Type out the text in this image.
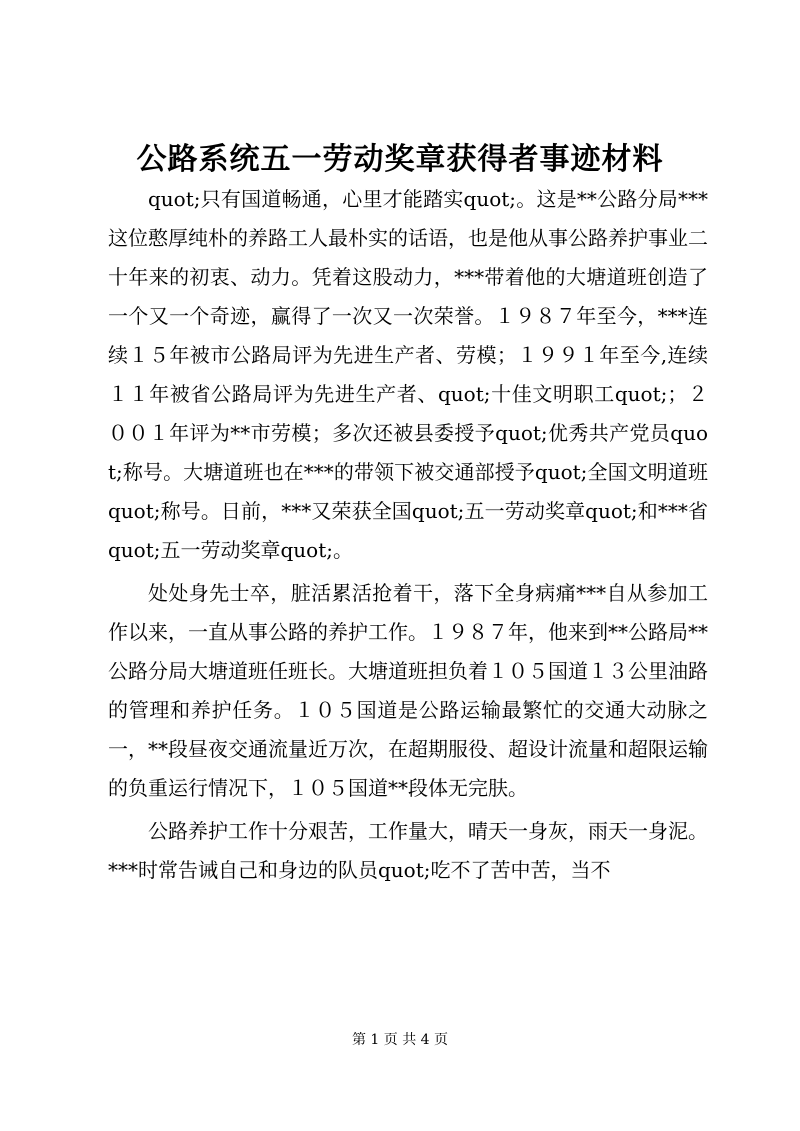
公路系统五一劳动奖章获得者事迹材料

quot;只有国道畅通，心里才能踏实quot;。这是**公路分局***这位憨厚纯朴的养路工人最朴实的话语，也是他从事公路养护事业二十年来的初衷、动力。凭着这股动力，***带着他的大塘道班创造了一个又一个奇迹，赢得了一次又一次荣誉。１９８７年至今，***连续１５年被市公路局评为先进生产者、劳模；１９９１年至今,连续１１年被省公路局评为先进生产者、quot;十佳文明职工quot;；２００１年评为**市劳模；多次还被县委授予quot;优秀共产党员quot;称号。大塘道班也在***的带领下被交通部授予quot;全国文明道班quot;称号。日前，***又荣获全国quot;五一劳动奖章quot;和***省quot;五一劳动奖章quot;。

处处身先士卒，脏活累活抢着干，落下全身病痛***自从参加工作以来，一直从事公路的养护工作。１９８７年，他来到**公路局**公路分局大塘道班任班长。大塘道班担负着１０５国道１３公里油路的管理和养护任务。１０５国道是公路运输最繁忙的交通大动脉之一，**段昼夜交通流量近万次，在超期服役、超设计流量和超限运输的负重运行情况下，１０５国道**段体无完肤。

公路养护工作十分艰苦，工作量大，晴天一身灰，雨天一身泥。***时常告诫自己和身边的队员quot;吃不了苦中苦，当不

第 1 页 共 4 页
